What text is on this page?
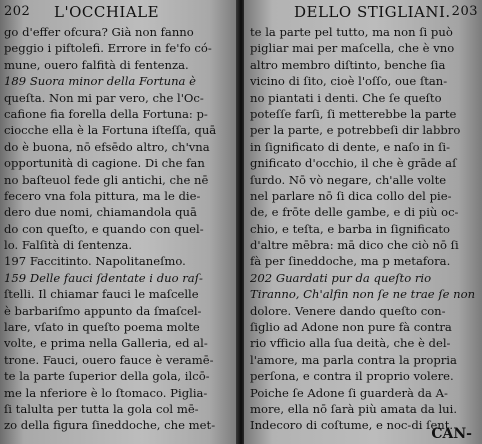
202 L'OCCHIALE
go d'effer ofcura? Già non fanno
peggio i piftolefi. Errore in fe'fo có-
mune, ouero falfità di fentenza.
189 Suora minor della Fortuna è
queſta. Non mi par vero, che l'Oc-
cafione fia forella della Fortuna: p-
ciocche ella è la Fortuna iſteſſa, quā
do è buona, nō efsēdo altro, ch'vna
opportunità di cagione. Di che fan
no baſteuol fede gli antichi, che nē
fecero vna fola pittura, ma le die-
dero due nomi, chiamandola quā
do con queſto, e quando con quel-
lo. Falſità di ſentenza.
197 Faccitinto. Napolitaneſmo.
159 Delle fauci ſdentate i duo raſ-
ſtelli. Il chiamar fauci le maſcelle
è barbariſmo appunto da ſmaſcel-
lare, vſato in queſto poema molte
volte, e prima nella Galleria, ed al-
trone. Fauci, ouero fauce è veramē-
te la parte ſuperior della gola, ilcō-
me la nferiore è lo ſtomaco. Piglia-
ſi talulta per tutta la gola col mē-
zo della figura ſineddoche, che met-
DELLO STIGLIANI. 203
te la parte pel tutto, ma non ſi può
pigliar mai per maſcella, che è vno
altro membro diſtinto, benche ſia
vicino di ſito, cioè l'oſſo, oue ſtan-
no piantati i denti. Che ſe queſto
poteſſe farſi, ſi metterebbe la parte
per la parte, e potrebbeſi dir labbro
in ſignificato di dente, e naſo in ſi-
gnificato d'occhio, il che è grāde aſ
ſurdo. Nō vò negare, ch'alle volte
nel parlare nō ſi dica collo del pie-
de, e frōte delle gambe, e di più oc-
chio, e teſta, e barba in ſignificato
d'altre mēbra: mā dico che ciò nō ſi
fà per ſineddoche, ma p metafora.
202 Guardati pur da queſto rio
Tiranno, Ch'alfin non ſe ne trae ſe non
dolore. Venere dando queſto con-
ſiglio ad Adone non pure fà contra
rio vfficio alla ſua deità, che è del-
l'amore, ma parla contra la propria
perſona, e contra il proprio volere.
Poiche ſe Adone ſi guarderà da A-
more, ella nō ſarà più amata da lui.
Indecoro di coſtume, e noc-di ſent.
CAN-
